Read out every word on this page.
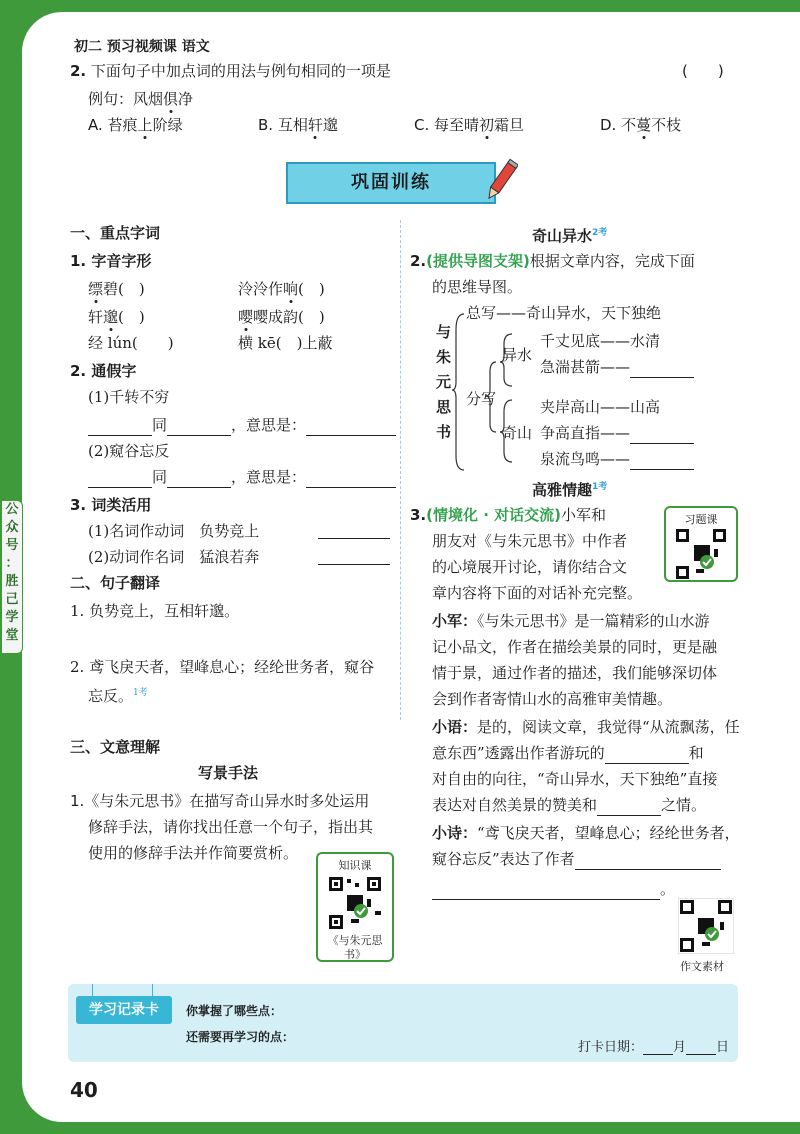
初二 预习视频课 语文
公
众
号
：
胜
己
学
堂
2. 下面句子中加点词的用法与例句相同的一项是	(　　)
例句：风烟俱净
A. 苔痕上阶绿	B. 互相轩邈	C. 每至晴初霜旦	D. 不蔓不枝
巩固训练
一、重点字词
1. 字音字形
缥碧(　)	泠泠作响(　)
轩邈(　)	嘤嘤成韵(　)
经 lún(　　)	横 kē(　)上蔽
2. 通假字
(1)千转不穷
同	，意思是：
(2)窥谷忘反
同	，意思是：
3. 词类活用
(1)名词作动词　 负势竞上
(2)动词作名词　 猛浪若奔
二、句子翻译
1. 负势竞上，互相轩邈。
2. 鸢飞戾天者，望峰息心；经纶世务者，窥谷
忘反。$^{1考}$
三、文意理解
写景手法
1.《与朱元思书》在描写奇山异水时多处运用
修辞手法，请你找出任意一个句子，指出其
使用的修辞手法并作简要赏析。
知识课
《与朱元思书》
奇山异水$^{2考}$
2.(提供导图支架)根据文章内容，完成下面
的思维导图。
与
朱
元
思
书
总写——奇山异水，天下独绝
分写
异水
奇山
千丈见底——水清
急湍甚箭——
夹岸高山——山高
争高直指——
泉流鸟鸣——
高雅情趣$^{1考}$
3.(情境化 · 对话交流)小军和
朋友对《与朱元思书》中作者
的心境展开讨论，请你结合文
章内容将下面的对话补充完整。
习题课
小军：《与朱元思书》是一篇精彩的山水游
记小品文，作者在描绘美景的同时，更是融
情于景，通过作者的描述，我们能够深切体
会到作者寄情山水的高雅审美情趣。
小语：是的，阅读文章，我觉得“从流飘荡，任
意东西”透露出作者游玩的	和
对自由的向往，“奇山异水，天下独绝”直接
表达对自然美景的赞美和	之情。
小诗：“鸢飞戾天者，望峰息心；经纶世务者，
窥谷忘反”表达了作者
。
作文素材
学习记录卡	你掌握了哪些点：
还需要再学习的点：
打卡日期： 月 日
40
